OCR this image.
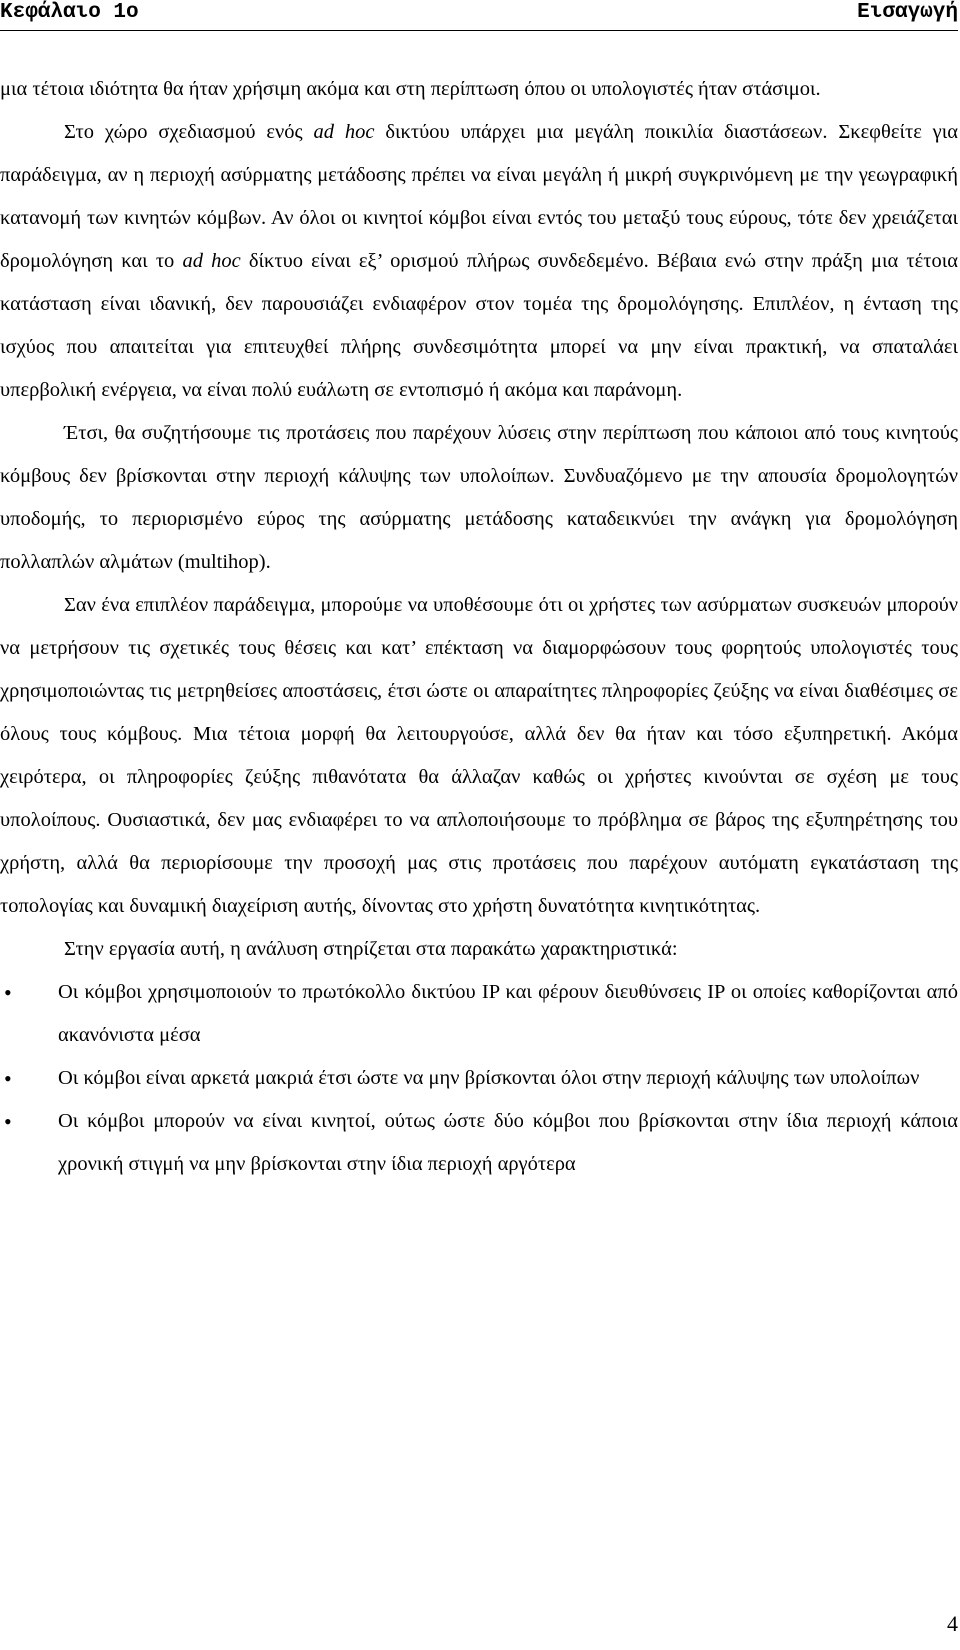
Κεφάλαιο 1ο	Εισαγωγή

μια τέτοια ιδιότητα θα ήταν χρήσιμη ακόμα και στη περίπτωση όπου οι υπολογιστές ήταν στάσιμοι.

Στο χώρο σχεδιασμού ενός ad hoc δικτύου υπάρχει μια μεγάλη ποικιλία διαστάσεων. Σκεφθείτε για παράδειγμα, αν η περιοχή ασύρματης μετάδοσης πρέπει να είναι μεγάλη ή μικρή συγκρινόμενη με την γεωγραφική κατανομή των κινητών κόμβων. Αν όλοι οι κινητοί κόμβοι είναι εντός του μεταξύ τους εύρους, τότε δεν χρειάζεται δρομολόγηση και το ad hoc δίκτυο είναι εξ’ ορισμού πλήρως συνδεδεμένο. Βέβαια ενώ στην πράξη μια τέτοια κατάσταση είναι ιδανική, δεν παρουσιάζει ενδιαφέρον στον τομέα της δρομολόγησης. Επιπλέον, η ένταση της ισχύος που απαιτείται για επιτευχθεί πλήρης συνδεσιμότητα μπορεί να μην είναι πρακτική, να σπαταλάει υπερβολική ενέργεια, να είναι πολύ ευάλωτη σε εντοπισμό ή ακόμα και παράνομη.

Έτσι, θα συζητήσουμε τις προτάσεις που παρέχουν λύσεις στην περίπτωση που κάποιοι από τους κινητούς κόμβους δεν βρίσκονται στην περιοχή κάλυψης των υπολοίπων. Συνδυαζόμενο με την απουσία δρομολογητών υποδομής, το περιορισμένο εύρος της ασύρματης μετάδοσης καταδεικνύει την ανάγκη για δρομολόγηση πολλαπλών αλμάτων (multihop).

Σαν ένα επιπλέον παράδειγμα, μπορούμε να υποθέσουμε ότι οι χρήστες των ασύρματων συσκευών μπορούν να μετρήσουν τις σχετικές τους θέσεις και κατ’ επέκταση να διαμορφώσουν τους φορητούς υπολογιστές τους χρησιμοποιώντας τις μετρηθείσες αποστάσεις, έτσι ώστε οι απαραίτητες πληροφορίες ζεύξης να είναι διαθέσιμες σε όλους τους κόμβους. Μια τέτοια μορφή θα λειτουργούσε, αλλά δεν θα ήταν και τόσο εξυπηρετική. Ακόμα χειρότερα, οι πληροφορίες ζεύξης πιθανότατα θα άλλαζαν καθώς οι χρήστες κινούνται σε σχέση με τους υπολοίπους. Ουσιαστικά, δεν μας ενδιαφέρει το να απλοποιήσουμε το πρόβλημα σε βάρος της εξυπηρέτησης του χρήστη, αλλά θα περιορίσουμε την προσοχή μας στις προτάσεις που παρέχουν αυτόματη εγκατάσταση της τοπολογίας και δυναμική διαχείριση αυτής, δίνοντας στο χρήστη δυνατότητα κινητικότητας.

Στην εργασία αυτή, η ανάλυση στηρίζεται στα παρακάτω χαρακτηριστικά:

• Οι κόμβοι χρησιμοποιούν το πρωτόκολλο δικτύου IP και φέρουν διευθύνσεις IP οι οποίες καθορίζονται από ακανόνιστα μέσα
• Οι κόμβοι είναι αρκετά μακριά έτσι ώστε να μην βρίσκονται όλοι στην περιοχή κάλυψης των υπολοίπων
• Οι κόμβοι μπορούν να είναι κινητοί, ούτως ώστε δύο κόμβοι που βρίσκονται στην ίδια περιοχή κάποια χρονική στιγμή να μην βρίσκονται στην ίδια περιοχή αργότερα
4
